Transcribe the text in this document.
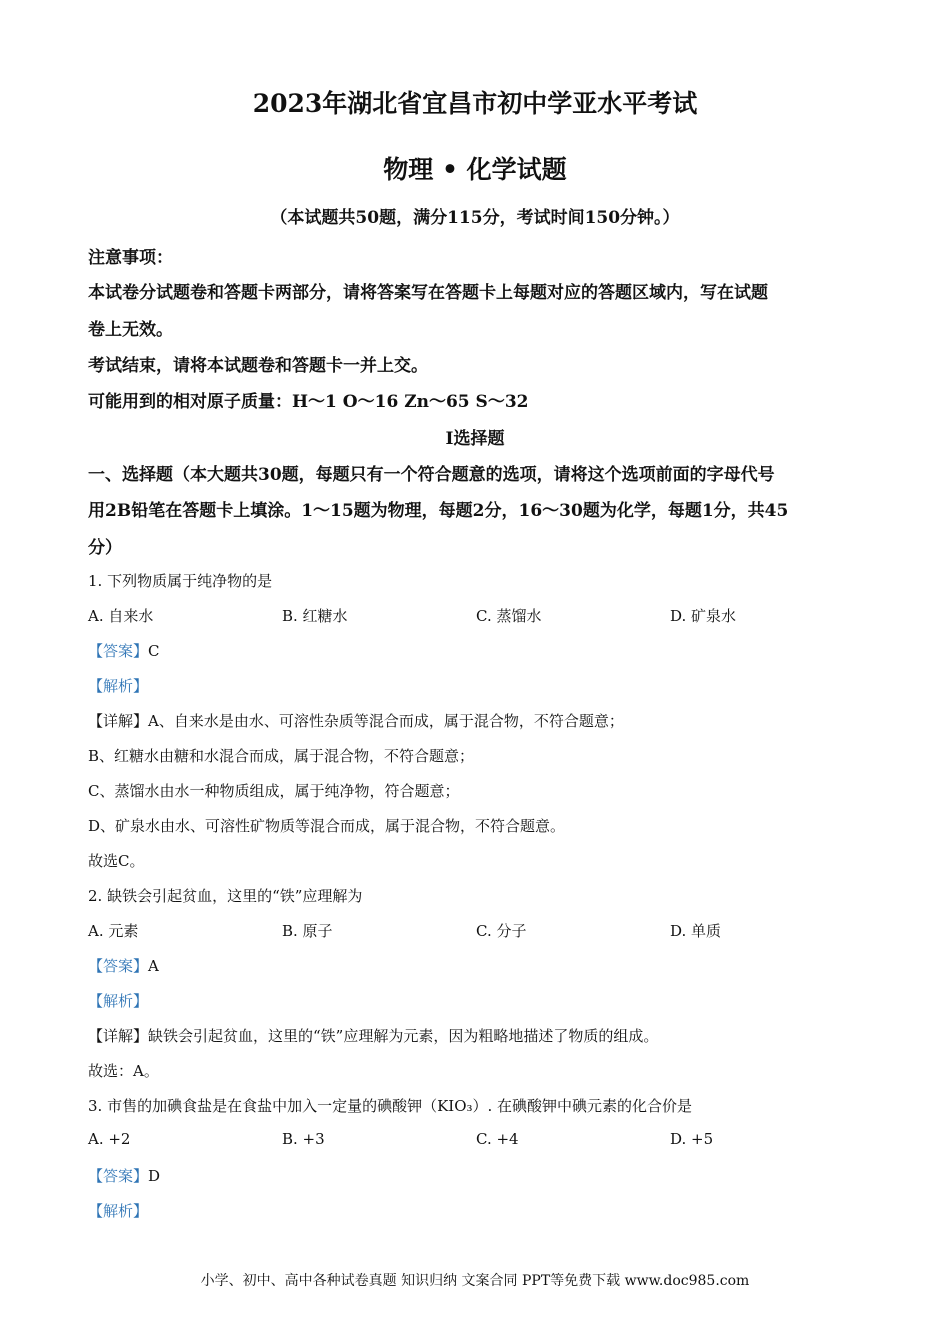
2023年湖北省宜昌市初中学亚水平考试
物理 • 化学试题
（本试题共50题，满分115分，考试时间150分钟。）
注意事项：
本试卷分试题卷和答题卡两部分，请将答案写在答题卡上每题对应的答题区域内，写在试题
卷上无效。
考试结束，请将本试题卷和答题卡一并上交。
可能用到的相对原子质量：H～1 O～16 Zn～65 S～32
Ⅰ选择题
一、选择题（本大题共30题，每题只有一个符合题意的选项，请将这个选项前面的字母代号
用2B铅笔在答题卡上填涂。1～15题为物理，每题2分，16～30题为化学，每题1分，共45
分）
1. 下列物质属于纯净物的是
A. 自来水	B. 红糖水	C. 蒸馏水	D. 矿泉水
【答案】C
【解析】
【详解】A、自来水是由水、可溶性杂质等混合而成，属于混合物，不符合题意；
B、红糖水由糖和水混合而成，属于混合物，不符合题意；
C、蒸馏水由水一种物质组成，属于纯净物，符合题意；
D、矿泉水由水、可溶性矿物质等混合而成，属于混合物，不符合题意。
故选C。
2. 缺铁会引起贫血，这里的“铁”应理解为
A. 元素	B. 原子	C. 分子	D. 单质
【答案】A
【解析】
【详解】缺铁会引起贫血，这里的“铁”应理解为元素，因为粗略地描述了物质的组成。
故选：A。
3. 市售的加碘食盐是在食盐中加入一定量的碘酸钾（KIO₃）. 在碘酸钾中碘元素的化合价是
A. +2	B. +3	C. +4	D. +5
【答案】D
【解析】
小学、初中、高中各种试卷真题 知识归纳 文案合同 PPT等免费下载 www.doc985.com
